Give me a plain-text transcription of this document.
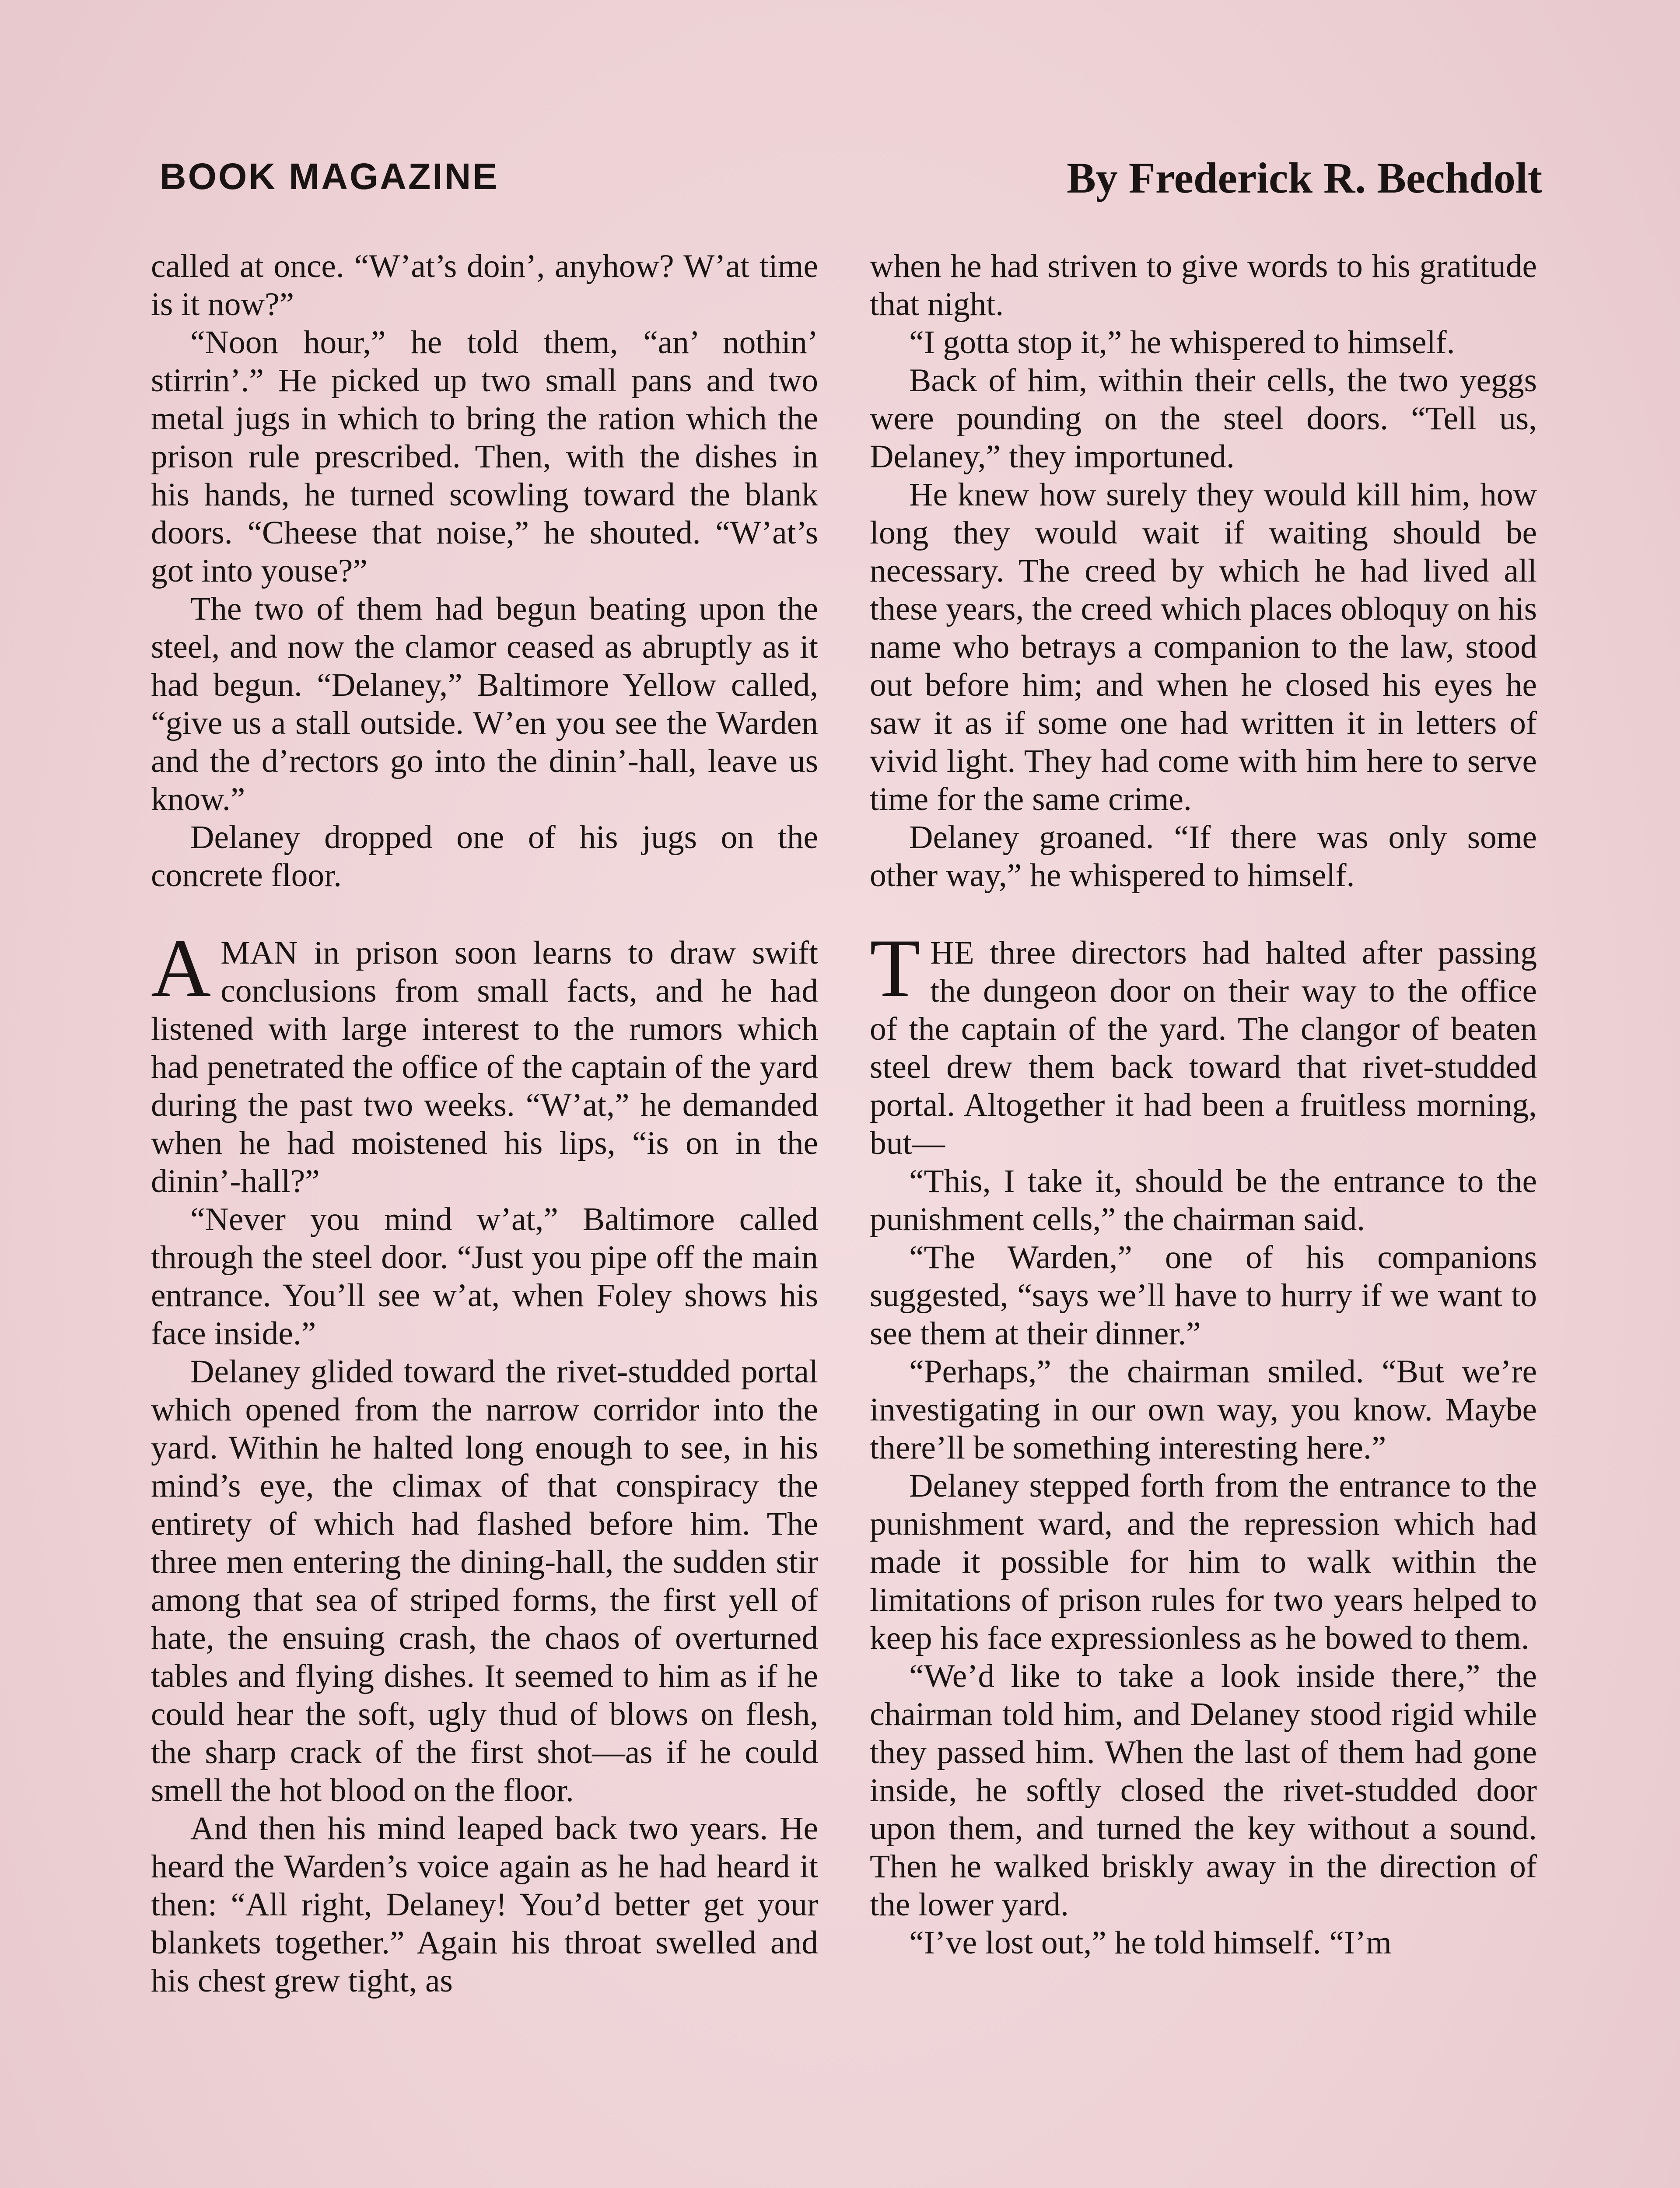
BOOK MAGAZINE	By Frederick R. Bechdolt

called at once. “W’at’s doin’, anyhow? W’at time is it now?”

“Noon hour,” he told them, “an’ nothin’ stirrin’.” He picked up two small pans and two metal jugs in which to bring the ration which the prison rule prescribed. Then, with the dishes in his hands, he turned scowling toward the blank doors. “Cheese that noise,” he shouted. “W’at’s got into youse?”

The two of them had begun beating upon the steel, and now the clamor ceased as abruptly as it had begun. “Delaney,” Baltimore Yellow called, “give us a stall outside. W’en you see the Warden and the d’rectors go into the dinin’-hall, leave us know.”

Delaney dropped one of his jugs on the concrete floor.

AMAN in prison soon learns to draw swift conclusions from small facts, and he had listened with large interest to the rumors which had penetrated the office of the captain of the yard during the past two weeks. “W’at,” he demanded when he had moistened his lips, “is on in the dinin’-hall?”

“Never you mind w’at,” Baltimore called through the steel door. “Just you pipe off the main entrance. You’ll see w’at, when Foley shows his face inside.”

Delaney glided toward the rivet-studded portal which opened from the narrow corridor into the yard. Within he halted long enough to see, in his mind’s eye, the climax of that conspiracy the entirety of which had flashed before him. The three men entering the dining-hall, the sudden stir among that sea of striped forms, the first yell of hate, the ensuing crash, the chaos of overturned tables and flying dishes. It seemed to him as if he could hear the soft, ugly thud of blows on flesh, the sharp crack of the first shot—as if he could smell the hot blood on the floor.

And then his mind leaped back two years. He heard the Warden’s voice again as he had heard it then: “All right, Delaney! You’d better get your blankets together.” Again his throat swelled and his chest grew tight, as

when he had striven to give words to his gratitude that night.

“I gotta stop it,” he whispered to himself.

Back of him, within their cells, the two yeggs were pounding on the steel doors. “Tell us, Delaney,” they importuned.

He knew how surely they would kill him, how long they would wait if waiting should be necessary. The creed by which he had lived all these years, the creed which places obloquy on his name who betrays a companion to the law, stood out before him; and when he closed his eyes he saw it as if some one had written it in letters of vivid light. They had come with him here to serve time for the same crime.

Delaney groaned. “If there was only some other way,” he whispered to himself.

THE three directors had halted after passing the dungeon door on their way to the office of the captain of the yard. The clangor of beaten steel drew them back toward that rivet-studded portal. Altogether it had been a fruitless morning, but—

“This, I take it, should be the entrance to the punishment cells,” the chairman said.

“The Warden,” one of his companions suggested, “says we’ll have to hurry if we want to see them at their dinner.”

“Perhaps,” the chairman smiled. “But we’re investigating in our own way, you know. Maybe there’ll be something interesting here.”

Delaney stepped forth from the entrance to the punishment ward, and the repression which had made it possible for him to walk within the limitations of prison rules for two years helped to keep his face expressionless as he bowed to them.

“We’d like to take a look inside there,” the chairman told him, and Delaney stood rigid while they passed him. When the last of them had gone inside, he softly closed the rivet-studded door upon them, and turned the key without a sound. Then he walked briskly away in the direction of the lower yard.

“I’ve lost out,” he told himself. “I’m
